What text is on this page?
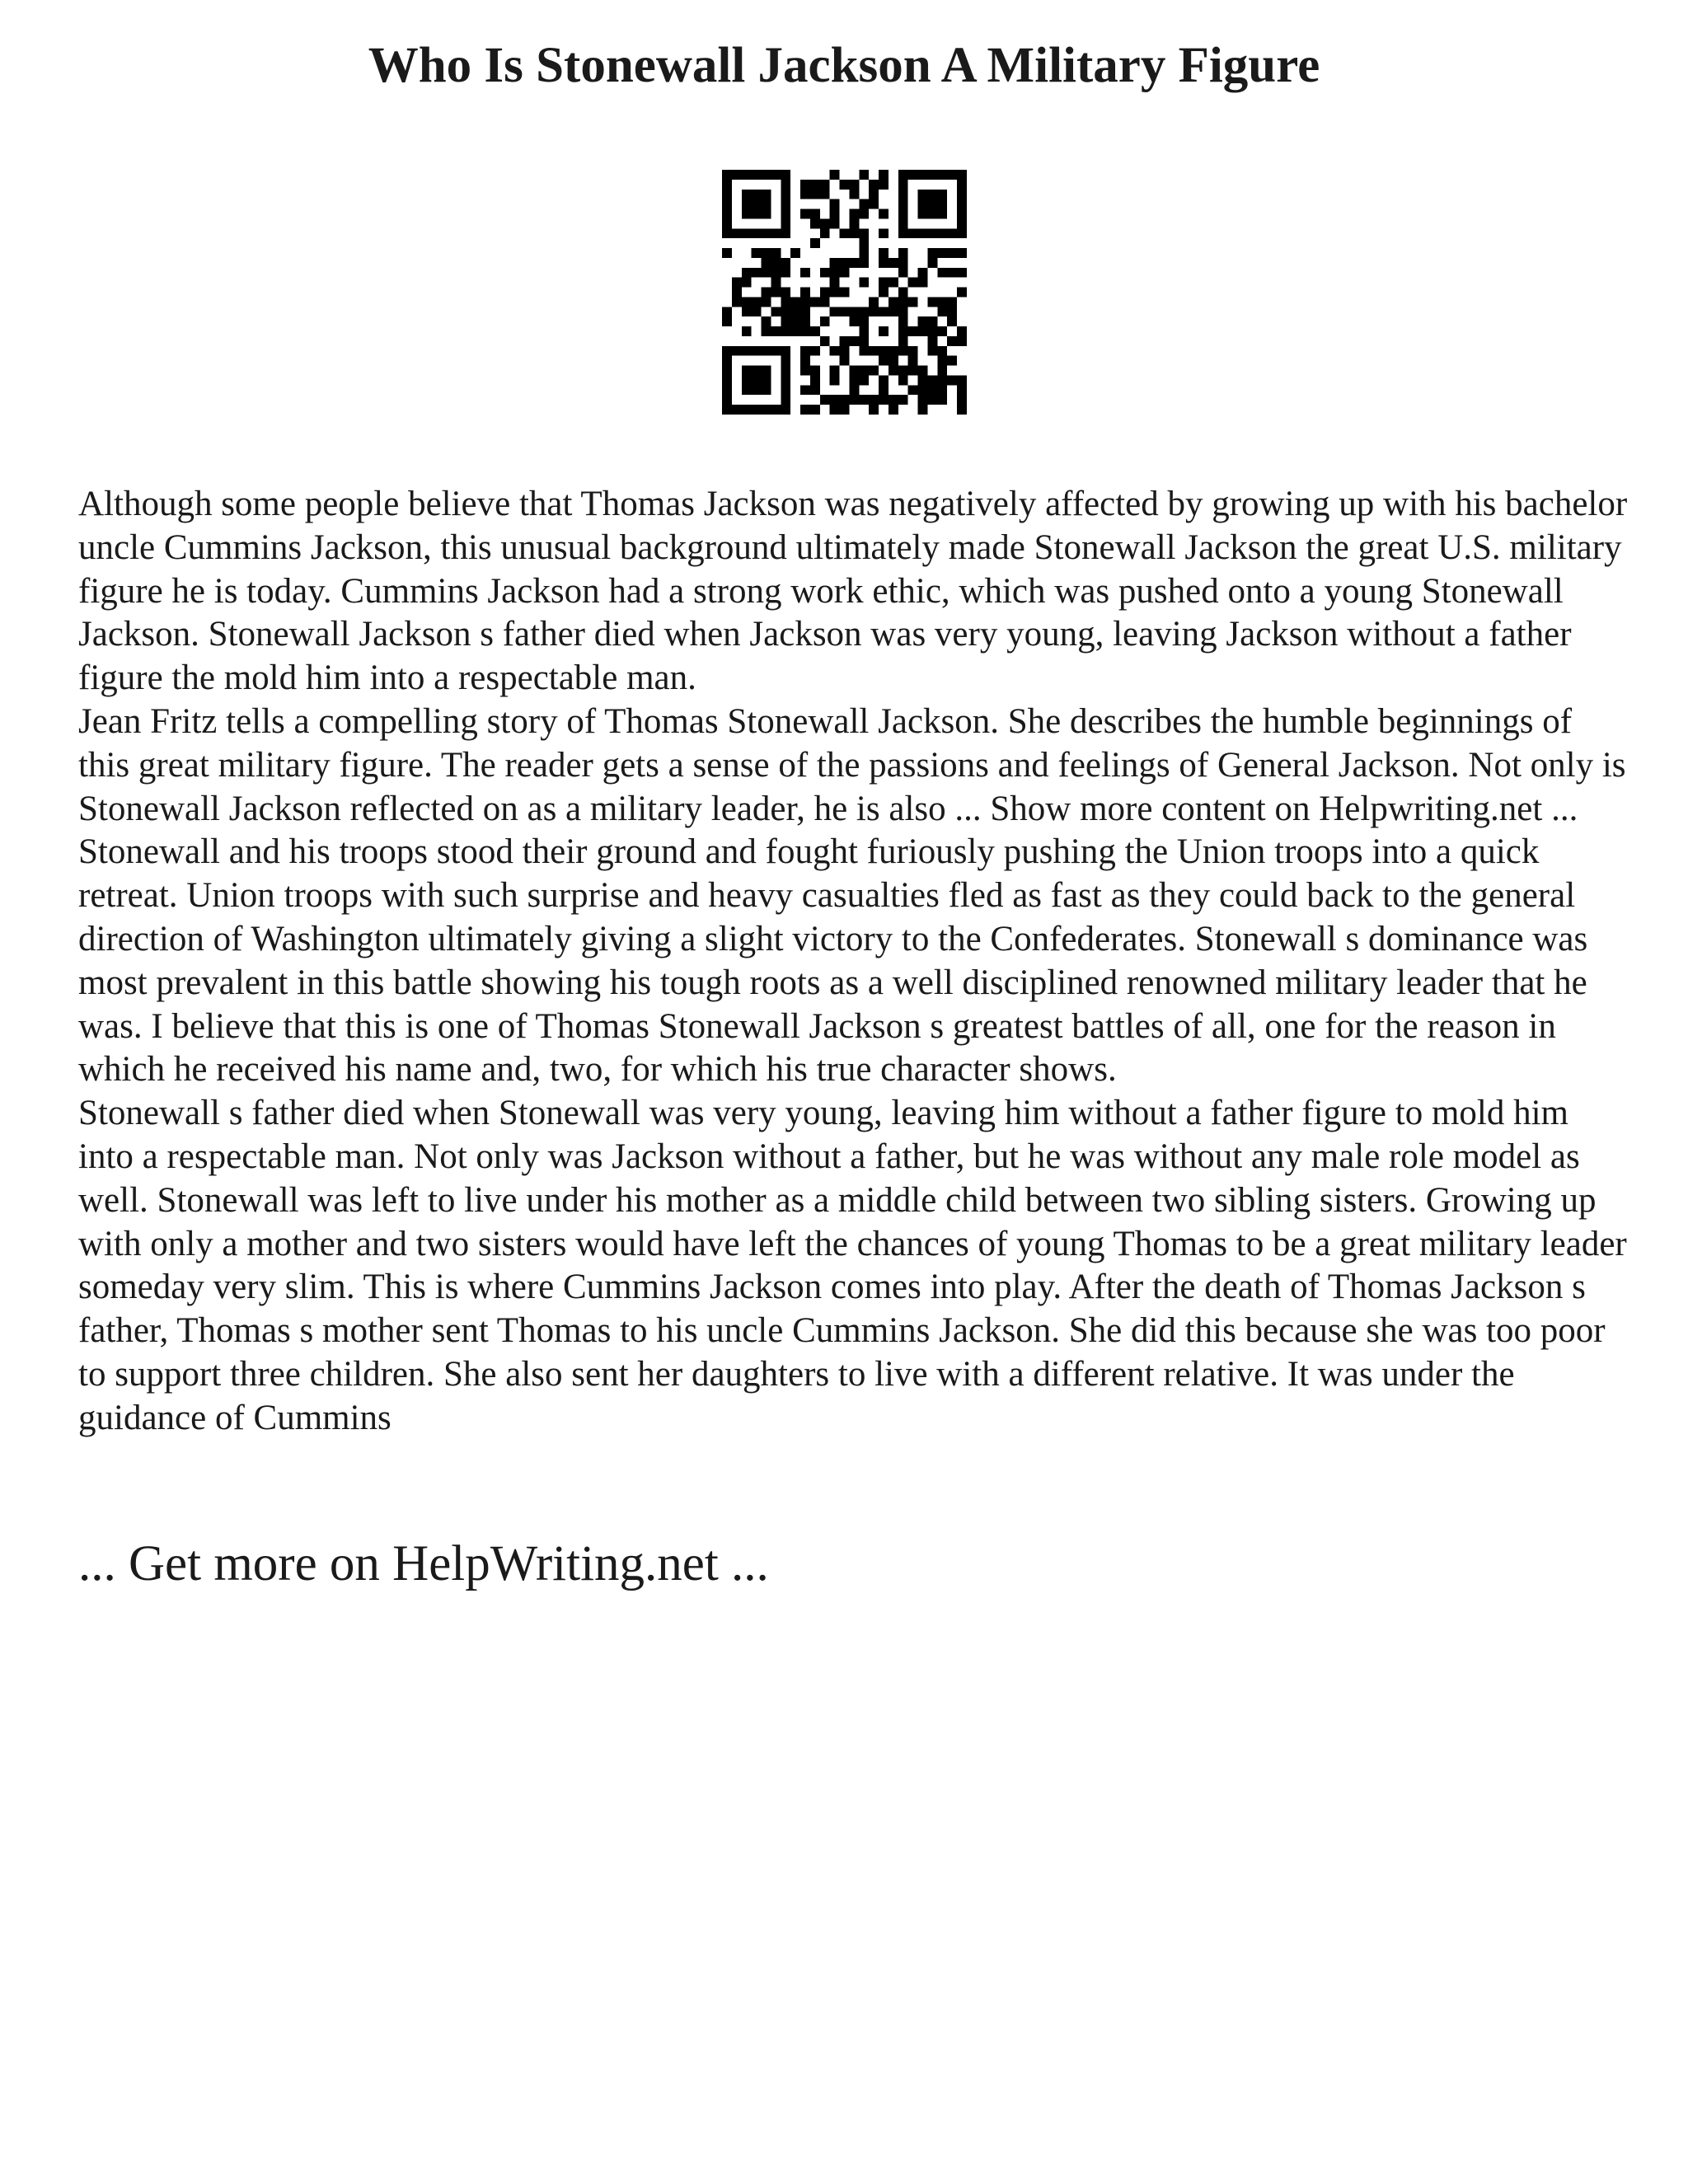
Who Is Stonewall Jackson A Military Figure

Although some people believe that Thomas Jackson was negatively affected by growing up with his bachelor uncle Cummins Jackson, this unusual background ultimately made Stonewall Jackson the great U.S. military figure he is today. Cummins Jackson had a strong work ethic, which was pushed onto a young Stonewall Jackson. Stonewall Jackson s father died when Jackson was very young, leaving Jackson without a father figure the mold him into a respectable man.

Jean Fritz tells a compelling story of Thomas Stonewall Jackson. She describes the humble beginnings of this great military figure. The reader gets a sense of the passions and feelings of General Jackson. Not only is Stonewall Jackson reflected on as a military leader, he is also ... Show more content on Helpwriting.net ...

Stonewall and his troops stood their ground and fought furiously pushing the Union troops into a quick retreat. Union troops with such surprise and heavy casualties fled as fast as they could back to the general direction of Washington ultimately giving a slight victory to the Confederates. Stonewall s dominance was most prevalent in this battle showing his tough roots as a well disciplined renowned military leader that he was. I believe that this is one of Thomas Stonewall Jackson s greatest battles of all, one for the reason in which he received his name and, two, for which his true character shows.

Stonewall s father died when Stonewall was very young, leaving him without a father figure to mold him into a respectable man. Not only was Jackson without a father, but he was without any male role model as well. Stonewall was left to live under his mother as a middle child between two sibling sisters. Growing up with only a mother and two sisters would have left the chances of young Thomas to be a great military leader someday very slim. This is where Cummins Jackson comes into play. After the death of Thomas Jackson s father, Thomas s mother sent Thomas to his uncle Cummins Jackson. She did this because she was too poor to support three children. She also sent her daughters to live with a different relative. It was under the guidance of Cummins

... Get more on HelpWriting.net ...
